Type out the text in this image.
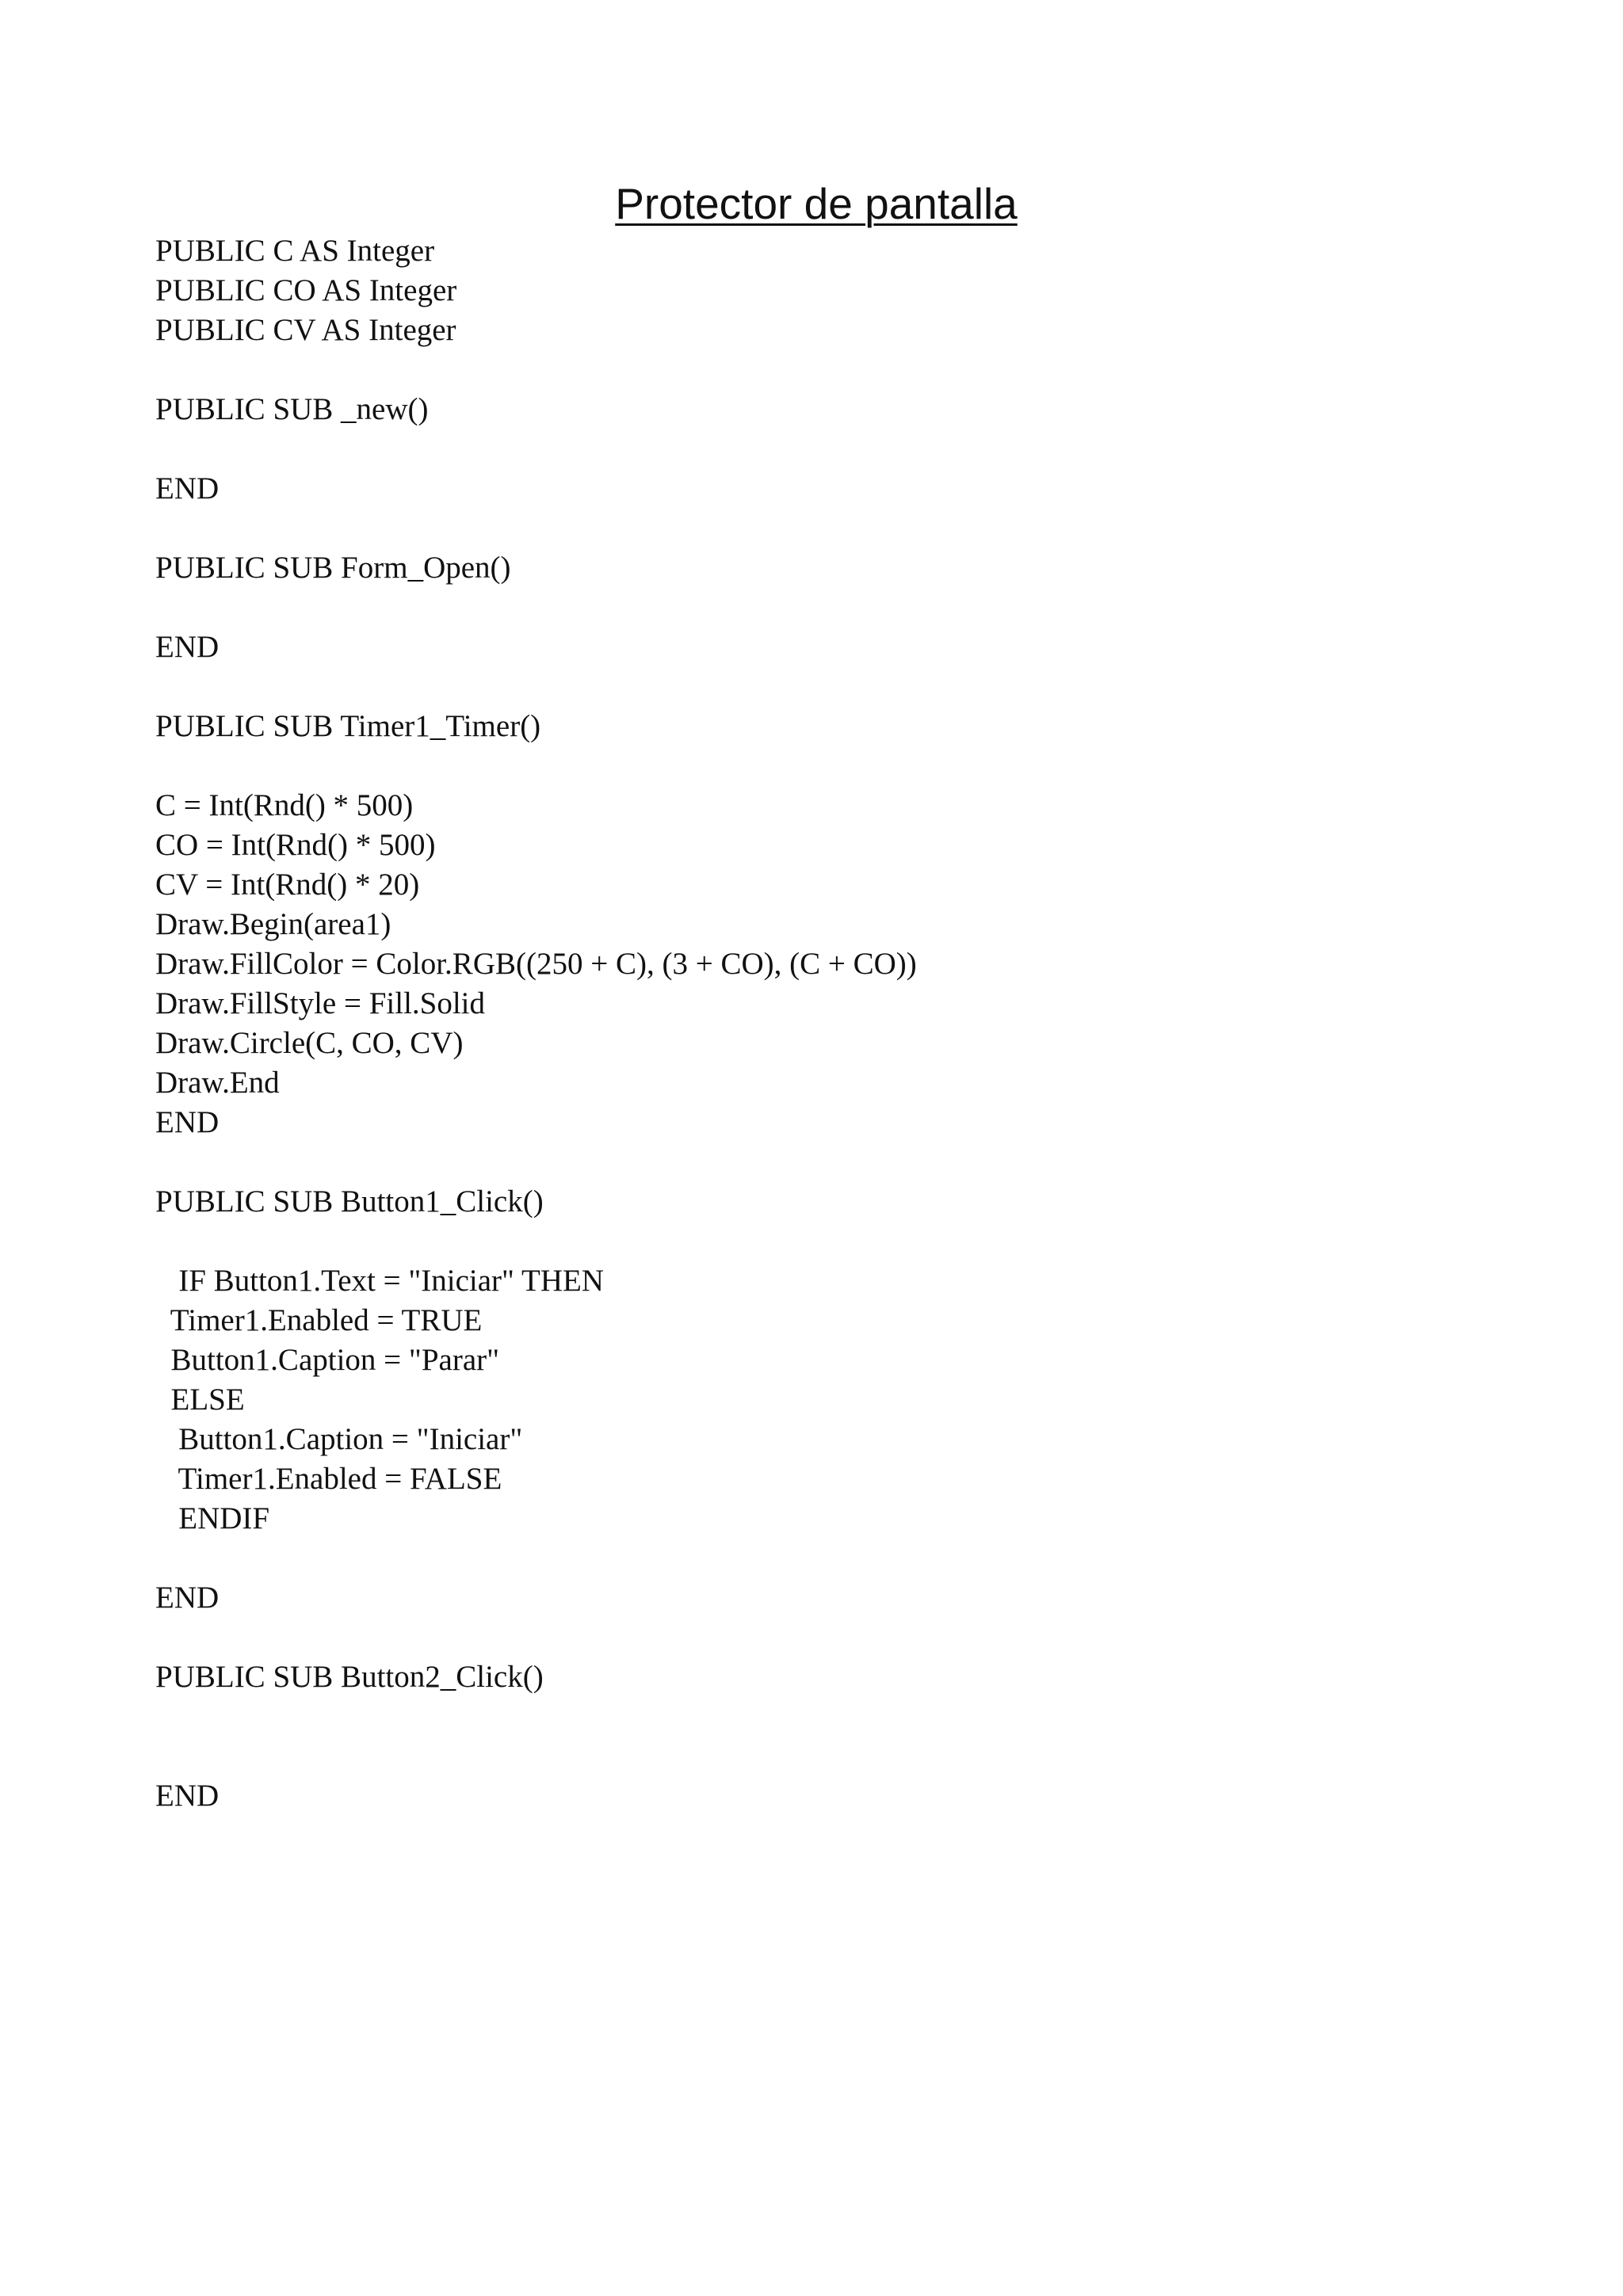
Protector de pantalla
PUBLIC C AS Integer
PUBLIC CO AS Integer
PUBLIC CV AS Integer
PUBLIC SUB _new()
END
PUBLIC SUB Form_Open()
END
PUBLIC SUB Timer1_Timer()
C = Int(Rnd() * 500)
CO = Int(Rnd() * 500)
CV = Int(Rnd() * 20)
Draw.Begin(area1)
Draw.FillColor = Color.RGB((250 + C), (3 + CO), (C + CO))
Draw.FillStyle = Fill.Solid
Draw.Circle(C, CO, CV)
Draw.End
END
PUBLIC SUB Button1_Click()
IF Button1.Text = "Iniciar" THEN
Timer1.Enabled = TRUE
Button1.Caption = "Parar"
ELSE
Button1.Caption = "Iniciar"
Timer1.Enabled = FALSE
ENDIF
END
PUBLIC SUB Button2_Click()
END
